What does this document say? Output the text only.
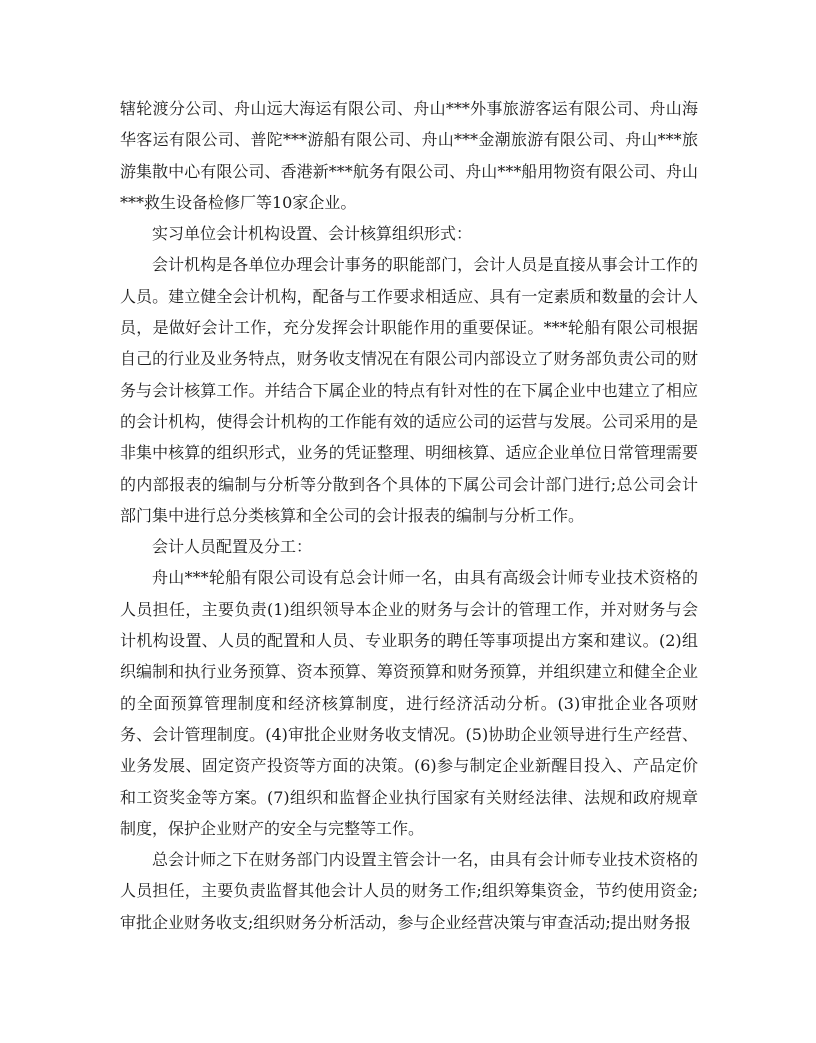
辖轮渡分公司、舟山远大海运有限公司、舟山***外事旅游客运有限公司、舟山海华客运有限公司、普陀***游船有限公司、舟山***金潮旅游有限公司、舟山***旅游集散中心有限公司、香港新***航务有限公司、舟山***船用物资有限公司、舟山***救生设备检修厂等10家企业。

实习单位会计机构设置、会计核算组织形式：

会计机构是各单位办理会计事务的职能部门，会计人员是直接从事会计工作的人员。建立健全会计机构，配备与工作要求相适应、具有一定素质和数量的会计人员，是做好会计工作，充分发挥会计职能作用的重要保证。***轮船有限公司根据自己的行业及业务特点，财务收支情况在有限公司内部设立了财务部负责公司的财务与会计核算工作。并结合下属企业的特点有针对性的在下属企业中也建立了相应的会计机构，使得会计机构的工作能有效的适应公司的运营与发展。公司采用的是非集中核算的组织形式，业务的凭证整理、明细核算、适应企业单位日常管理需要的内部报表的编制与分析等分散到各个具体的下属公司会计部门进行;总公司会计部门集中进行总分类核算和全公司的会计报表的编制与分析工作。

会计人员配置及分工：

舟山***轮船有限公司设有总会计师一名，由具有高级会计师专业技术资格的人员担任，主要负责(1)组织领导本企业的财务与会计的管理工作，并对财务与会计机构设置、人员的配置和人员、专业职务的聘任等事项提出方案和建议。(2)组织编制和执行业务预算、资本预算、筹资预算和财务预算，并组织建立和健全企业的全面预算管理制度和经济核算制度，进行经济活动分析。(3)审批企业各项财务、会计管理制度。(4)审批企业财务收支情况。(5)协助企业领导进行生产经营、业务发展、固定资产投资等方面的决策。(6)参与制定企业新醒目投入、产品定价和工资奖金等方案。(7)组织和监督企业执行国家有关财经法律、法规和政府规章制度，保护企业财产的安全与完整等工作。

总会计师之下在财务部门内设置主管会计一名，由具有会计师专业技术资格的人员担任，主要负责监督其他会计人员的财务工作;组织筹集资金，节约使用资金;审批企业财务收支;组织财务分析活动，参与企业经营决策与审查活动;提出财务报
